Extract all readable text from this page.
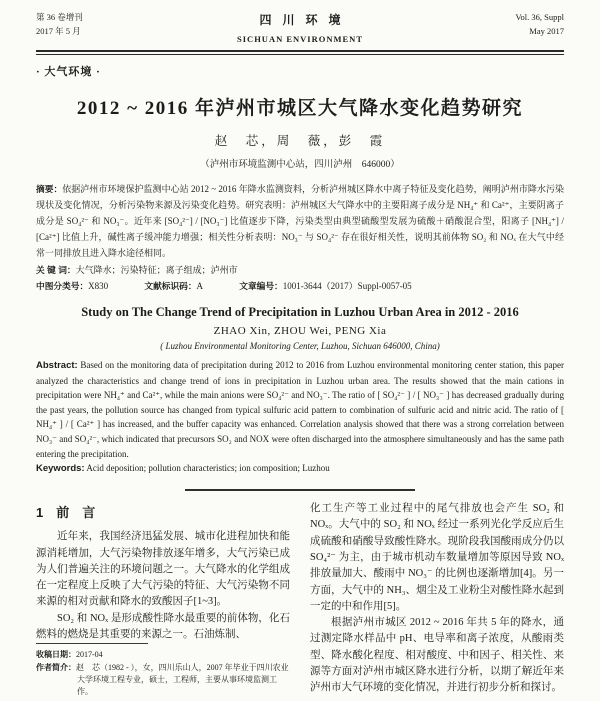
第 36 卷增刊
2017 年 5 月
四川环境
SICHUAN ENVIRONMENT
Vol. 36, Suppl
May 2017
· 大气环境 ·
2012 ~ 2016 年泸州市城区大气降水变化趋势研究
赵　芯，周　薇，彭　霞
（泸州市环境监测中心站，四川泸州　646000）

摘要：依据泸州市环境保护监测中心站 2012 ~ 2016 年降水监测资料，分析泸州城区降水中离子特征及变化趋势，阐明泸州市降水污染现状及变化情况，分析污染物来源及污染变化趋势。研究表明：泸州城区大气降水中的主要阳离子成分是 NH₄⁺ 和 Ca²⁺，主要阴离子成分是 SO₄²⁻ 和 NO₃⁻。近年来 [SO₄²⁻] / [NO₃⁻] 比值逐步下降，污染类型由典型硫酸型发展为硫酸＋硝酸混合型，阳离子 [NH₄⁺] / [Ca²⁺] 比值上升，碱性离子缓冲能力增强；相关性分析表明：NO₃⁻ 与 SO₄²⁻ 存在很好相关性，说明其前体物 SO₂ 和 NOₓ 在大气中经常一同排放且进入降水途径相同。

关 键 词：大气降水；污染特征；离子组成；泸州市

中图分类号：X830	文献标识码：A	文章编号：1001-3644（2017）Suppl-0057-05

Study on The Change Trend of Precipitation in Luzhou Urban Area in 2012 - 2016
ZHAO Xin, ZHOU Wei, PENG Xia
( Luzhou Environmental Monitoring Center, Luzhou, Sichuan 646000, China)

Abstract: Based on the monitoring data of precipitation during 2012 to 2016 from Luzhou environmental monitoring center station, this paper analyzed the characteristics and change trend of ions in precipitation in Luzhou urban area. The results showed that the main cations in precipitation were NH₄⁺ and Ca²⁺, while the main anions were SO₄²⁻ and NO₃⁻. The ratio of [ SO₄²⁻ ] / [ NO₃⁻ ] has decreased gradually during the past years, the pollution source has changed from typical sulfuric acid pattern to combination of sulfuric acid and nitric acid. The ratio of [ NH₄⁺ ] / [ Ca²⁺ ] has increased, and the buffer capacity was enhanced. Correlation analysis showed that there was a strong correlation between NO₃⁻ and SO₄²⁻, which indicated that precursors SO₂ and NOX were often discharged into the atmosphere simultaneously and has the same path entering the precipitation.

Keywords: Acid deposition; pollution characteristics; ion composition; Luzhou

1　前　言

近年来，我国经济迅猛发展、城市化进程加快和能源消耗增加，大气污染物排放逐年增多，大气污染已成为人们普遍关注的环境问题之一。大气降水的化学组成在一定程度上反映了大气污染的特征、大气污染物不同来源的相对贡献和降水的致酸因子[1~3]。

SO₂ 和 NOₓ 是形成酸性降水最重要的前体物，化石燃料的燃烧是其重要的来源之一。石油炼制、

收稿日期：2017-04
作者简介：赵　芯（1982 - ），女，四川乐山人，2007 年毕业于四川农业大学环境工程专业，硕士，工程师，主要从事环境监测工作。

化工生产等工业过程中的尾气排放也会产生 SO₂ 和 NOₓ。大气中的 SO₂ 和 NOₓ 经过一系列光化学反应后生成硫酸和硝酸导致酸性降水。现阶段我国酸雨成分仍以 SO₄²⁻ 为主，由于城市机动车数量增加等原因导致 NOₓ 排放量加大、酸雨中 NO₃⁻ 的比例也逐渐增加[4]。另一方面，大气中的 NH₃、烟尘及工业粉尘对酸性降水起到一定的中和作用[5]。

根据泸州市城区 2012 ~ 2016 年共 5 年的降水，通过测定降水样品中 pH、电导率和离子浓度，从酸雨类型、降水酸化程度、相对酸度、中和因子、相关性、来源等方面对泸州市城区降水进行分析，以期了解近年来泸州市大气环境的变化情况，并进行初步分析和探讨。
